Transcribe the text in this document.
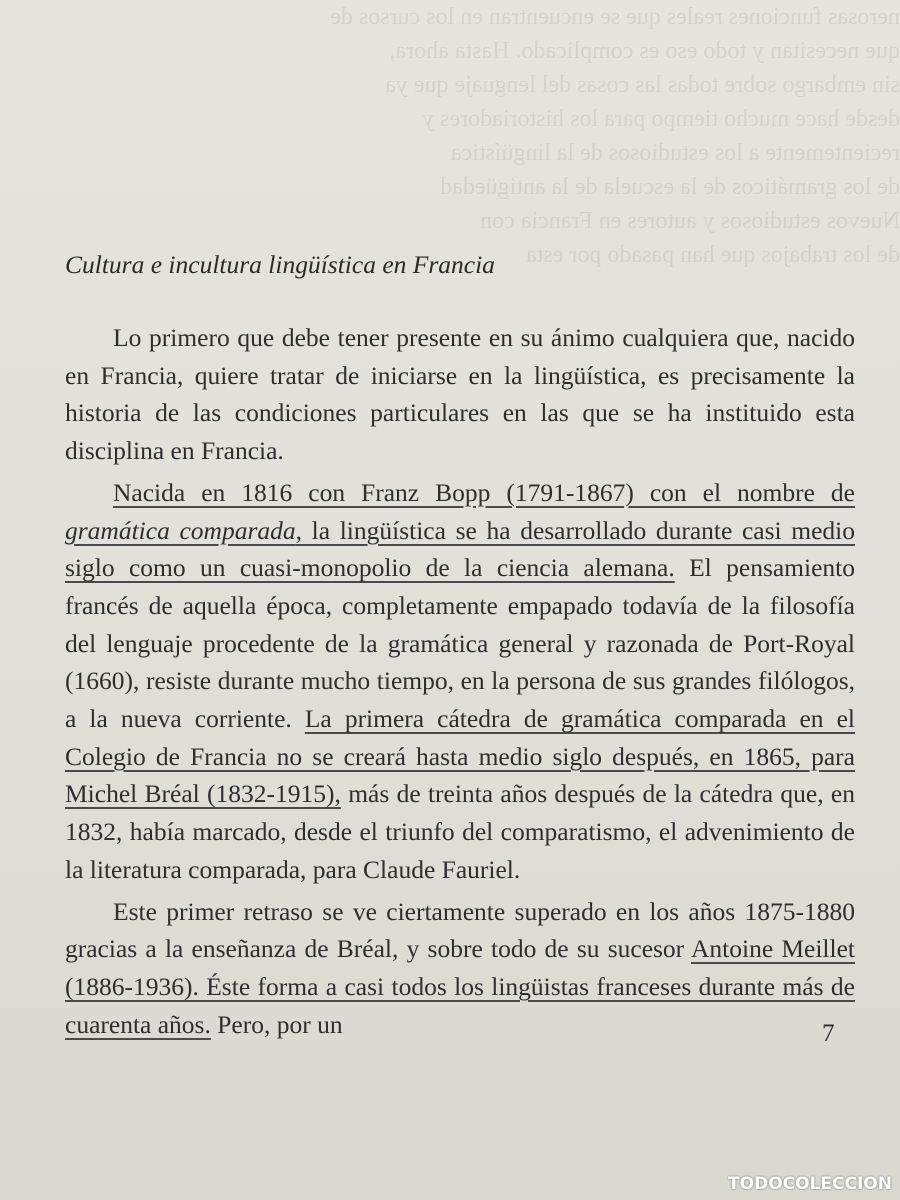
nerosas funciones reales que se encuentran en los cursos de
que necesitan y todo eso es complicado. Hasta ahora,
sin embargo sobre todas las cosas del lenguaje que ya
desde hace mucho tiempo para los historiadores y
recientemente a los estudiosos de la lingüística
de los gramáticos de la escuela de la antigüedad
Nuevos estudiosos y autores en Francia con
de los trabajos que han pasado por esta
Cultura e incultura lingüística en Francia

Lo primero que debe tener presente en su ánimo cualquiera que, nacido en Francia, quiere tratar de iniciarse en la lingüística, es precisamente la historia de las condiciones particulares en las que se ha instituido esta disciplina en Francia.

Nacida en 1816 con Franz Bopp (1791-1867) con el nombre de gramática comparada, la lingüística se ha desarrollado durante casi medio siglo como un cuasi-monopolio de la ciencia alemana. El pensamiento francés de aquella época, completamente empapado todavía de la filosofía del lenguaje procedente de la gramática general y razonada de Port-Royal (1660), resiste durante mucho tiempo, en la persona de sus grandes filólogos, a la nueva corriente. La primera cátedra de gramática comparada en el Colegio de Francia no se creará hasta medio siglo después, en 1865, para Michel Bréal (1832-1915), más de treinta años después de la cátedra que, en 1832, había marcado, desde el triunfo del comparatismo, el advenimiento de la literatura comparada, para Claude Fauriel.

Este primer retraso se ve ciertamente superado en los años 1875-1880 gracias a la enseñanza de Bréal, y sobre todo de su sucesor Antoine Meillet (1886-1936). Éste forma a casi todos los lingüistas franceses durante más de cuarenta años. Pero, por un	7
TODOCOLECCION
